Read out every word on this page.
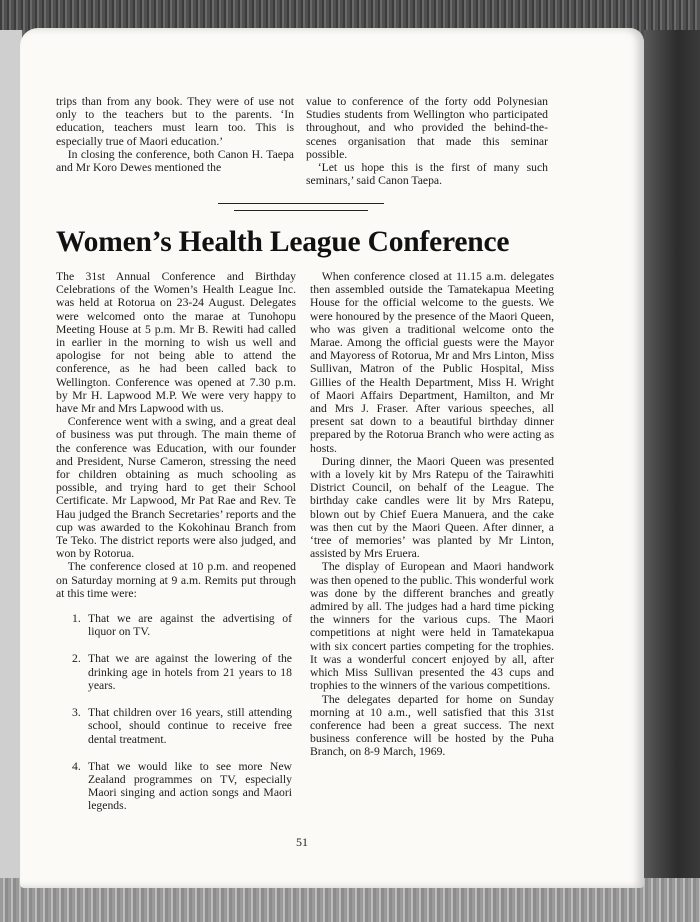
trips than from any book. They were of use not only to the teachers but to the parents. ‘In education, teachers must learn too. This is especially true of Maori education.’

In closing the conference, both Canon H. Taepa and Mr Koro Dewes mentioned the

value to conference of the forty odd Polynesian Studies students from Wellington who participated throughout, and who provided the behind-the-scenes organisation that made this seminar possible.

‘Let us hope this is the first of many such seminars,’ said Canon Taepa.

Women’s Health League Conference

The 31st Annual Conference and Birthday Celebrations of the Women’s Health League Inc. was held at Rotorua on 23-24 August. Delegates were welcomed onto the marae at Tunohopu Meeting House at 5 p.m. Mr B. Rewiti had called in earlier in the morning to wish us well and apologise for not being able to attend the conference, as he had been called back to Wellington. Conference was opened at 7.30 p.m. by Mr H. Lapwood M.P. We were very happy to have Mr and Mrs Lapwood with us.

Conference went with a swing, and a great deal of business was put through. The main theme of the conference was Education, with our founder and President, Nurse Cameron, stressing the need for children obtaining as much schooling as possible, and trying hard to get their School Certificate. Mr Lapwood, Mr Pat Rae and Rev. Te Hau judged the Branch Secretaries’ reports and the cup was awarded to the Kokohinau Branch from Te Teko. The district reports were also judged, and won by Rotorua.

The conference closed at 10 p.m. and reopened on Saturday morning at 9 a.m. Remits put through at this time were:

1. That we are against the advertising of liquor on TV.
2. That we are against the lowering of the drinking age in hotels from 21 years to 18 years.
3. That children over 16 years, still attending school, should continue to receive free dental treatment.
4. That we would like to see more New Zealand programmes on TV, especially Maori singing and action songs and Maori legends.

When conference closed at 11.15 a.m. delegates then assembled outside the Tamatekapua Meeting House for the official welcome to the guests. We were honoured by the presence of the Maori Queen, who was given a traditional welcome onto the Marae. Among the official guests were the Mayor and Mayoress of Rotorua, Mr and Mrs Linton, Miss Sullivan, Matron of the Public Hospital, Miss Gillies of the Health Department, Miss H. Wright of Maori Affairs Department, Hamilton, and Mr and Mrs J. Fraser. After various speeches, all present sat down to a beautiful birthday dinner prepared by the Rotorua Branch who were acting as hosts.

During dinner, the Maori Queen was presented with a lovely kit by Mrs Ratepu of the Tairawhiti District Council, on behalf of the League. The birthday cake candles were lit by Mrs Ratepu, blown out by Chief Euera Manuera, and the cake was then cut by the Maori Queen. After dinner, a ‘tree of memories’ was planted by Mr Linton, assisted by Mrs Eruera.

The display of European and Maori handwork was then opened to the public. This wonderful work was done by the different branches and greatly admired by all. The judges had a hard time picking the winners for the various cups. The Maori competitions at night were held in Tamatekapua with six concert parties competing for the trophies. It was a wonderful concert enjoyed by all, after which Miss Sullivan presented the 43 cups and trophies to the winners of the various competitions.

The delegates departed for home on Sunday morning at 10 a.m., well satisfied that this 31st conference had been a great success. The next business conference will be hosted by the Puha Branch, on 8-9 March, 1969.

51
